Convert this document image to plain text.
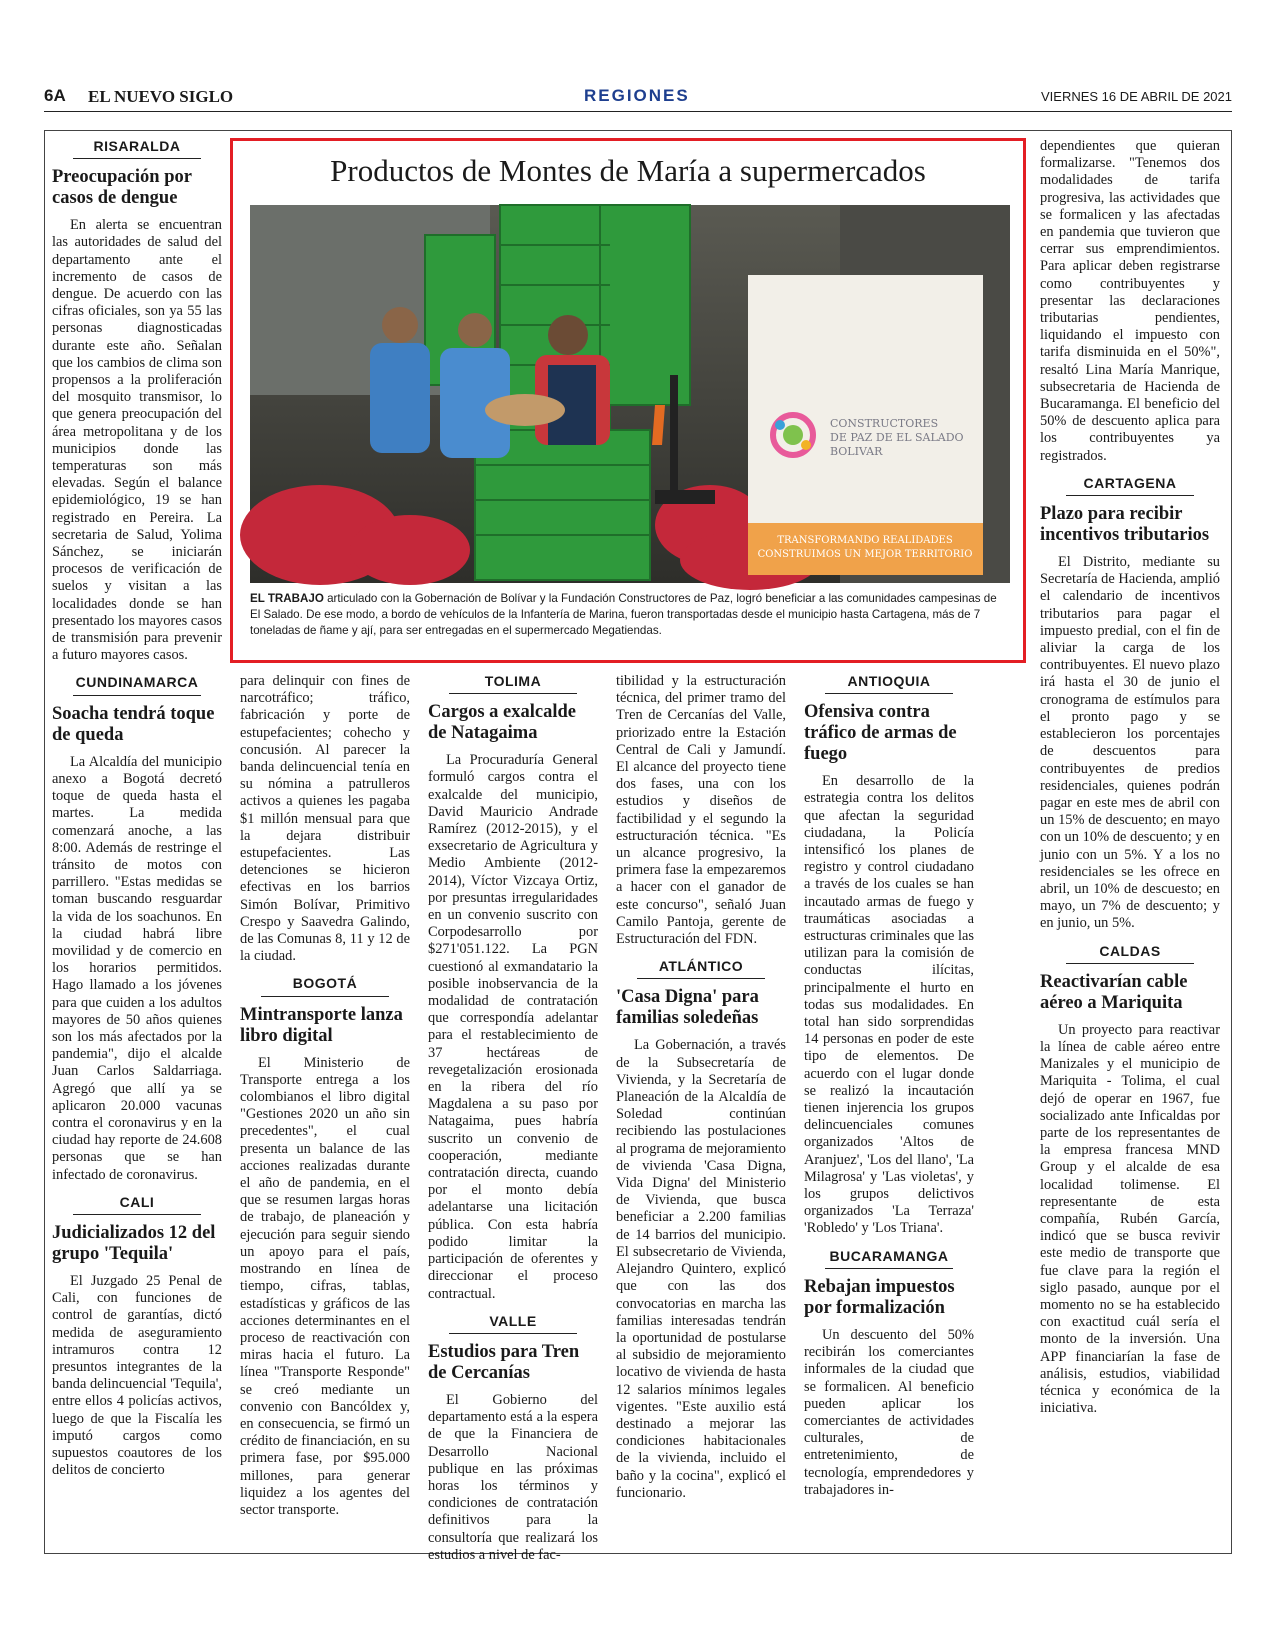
6A EL NUEVO SIGLO	REGIONES	VIERNES 16 DE ABRIL DE 2021
RISARALDA
Preocupación por casos de dengue

En alerta se encuentran las autoridades de salud del departamento ante el incremento de casos de dengue. De acuerdo con las cifras oficiales, son ya 55 las personas diagnosticadas durante este año. Señalan que los cambios de clima son propensos a la proliferación del mosquito transmisor, lo que genera preocupación del área metropolitana y de los municipios donde las temperaturas son más elevadas. Según el balance epidemiológico, 19 se han registrado en Pereira. La secretaria de Salud, Yolima Sánchez, se iniciarán procesos de verificación de suelos y visitan a las localidades donde se han presentado los mayores casos de transmisión para prevenir a futuro mayores casos.

CUNDINAMARCA
Soacha tendrá toque de queda

La Alcaldía del municipio anexo a Bogotá decretó toque de queda hasta el martes. La medida comenzará anoche, a las 8:00. Además de restringe el tránsito de motos con parrillero. "Estas medidas se toman buscando resguardar la vida de los soachunos. En la ciudad habrá libre movilidad y de comercio en los horarios permitidos. Hago llamado a los jóvenes para que cuiden a los adultos mayores de 50 años quienes son los más afectados por la pandemia", dijo el alcalde Juan Carlos Saldarriaga. Agregó que allí ya se aplicaron 20.000 vacunas contra el coronavirus y en la ciudad hay reporte de 24.608 personas que se han infectado de coronavirus.

CALI
Judicializados 12 del grupo 'Tequila'

El Juzgado 25 Penal de Cali, con funciones de control de garantías, dictó medida de aseguramiento intramuros contra 12 presuntos integrantes de la banda delincuencial 'Tequila', entre ellos 4 policías activos, luego de que la Fiscalía les imputó cargos como supuestos coautores de los delitos de concierto

Productos de Montes de María a supermercados
CONSTRUCTORES
DE PAZ DE EL SALADO
BOLIVAR
TRANSFORMANDO REALIDADES
CONSTRUIMOS UN MEJOR TERRITORIO
EL TRABAJO articulado con la Gobernación de Bolívar y la Fundación Constructores de Paz, logró beneficiar a las comunidades campesinas de El Salado. De ese modo, a bordo de vehículos de la Infantería de Marina, fueron transportadas desde el municipio hasta Cartagena, más de 7 toneladas de ñame y ají, para ser entregadas en el supermercado Megatiendas.

para delinquir con fines de narcotráfico; tráfico, fabricación y porte de estupefacientes; cohecho y concusión. Al parecer la banda delincuencial tenía en su nómina a patrulleros activos a quienes les pagaba $1 millón mensual para que la dejara distribuir estupefacientes. Las detenciones se hicieron efectivas en los barrios Simón Bolívar, Primitivo Crespo y Saavedra Galindo, de las Comunas 8, 11 y 12 de la ciudad.

BOGOTÁ
Mintransporte lanza libro digital

El Ministerio de Transporte entrega a los colombianos el libro digital "Gestiones 2020 un año sin precedentes", el cual presenta un balance de las acciones realizadas durante el año de pandemia, en el que se resumen largas horas de trabajo, de planeación y ejecución para seguir siendo un apoyo para el país, mostrando en línea de tiempo, cifras, tablas, estadísticas y gráficos de las acciones determinantes en el proceso de reactivación con miras hacia el futuro. La línea "Transporte Responde" se creó mediante un convenio con Bancóldex y, en consecuencia, se firmó un crédito de financiación, en su primera fase, por $95.000 millones, para generar liquidez a los agentes del sector transporte.

TOLIMA
Cargos a exalcalde de Natagaima

La Procuraduría General formuló cargos contra el exalcalde del municipio, David Mauricio Andrade Ramírez (2012-2015), y el exsecretario de Agricultura y Medio Ambiente (2012-2014), Víctor Vizcaya Ortiz, por presuntas irregularidades en un convenio suscrito con Corpodesarrollo por $271'051.122. La PGN cuestionó al exmandatario la posible inobservancia de la modalidad de contratación que correspondía adelantar para el restablecimiento de 37 hectáreas de revegetalización erosionada en la ribera del río Magdalena a su paso por Natagaima, pues habría suscrito un convenio de cooperación, mediante contratación directa, cuando por el monto debía adelantarse una licitación pública. Con esta habría podido limitar la participación de oferentes y direccionar el proceso contractual.

VALLE
Estudios para Tren de Cercanías

El Gobierno del departamento está a la espera de que la Financiera de Desarrollo Nacional publique en las próximas horas los términos y condiciones de contratación definitivos para la consultoría que realizará los estudios a nivel de fac-

tibilidad y la estructuración técnica, del primer tramo del Tren de Cercanías del Valle, priorizado entre la Estación Central de Cali y Jamundí. El alcance del proyecto tiene dos fases, una con los estudios y diseños de factibilidad y el segundo la estructuración técnica. "Es un alcance progresivo, la primera fase la empezaremos a hacer con el ganador de este concurso", señaló Juan Camilo Pantoja, gerente de Estructuración del FDN.

ATLÁNTICO
'Casa Digna' para familias soledeñas

La Gobernación, a través de la Subsecretaría de Vivienda, y la Secretaría de Planeación de la Alcaldía de Soledad continúan recibiendo las postulaciones al programa de mejoramiento de vivienda 'Casa Digna, Vida Digna' del Ministerio de Vivienda, que busca beneficiar a 2.200 familias de 14 barrios del municipio. El subsecretario de Vivienda, Alejandro Quintero, explicó que con las dos convocatorias en marcha las familias interesadas tendrán la oportunidad de postularse al subsidio de mejoramiento locativo de vivienda de hasta 12 salarios mínimos legales vigentes. "Este auxilio está destinado a mejorar las condiciones habitacionales de la vivienda, incluido el baño y la cocina", explicó el funcionario.

ANTIOQUIA
Ofensiva contra tráfico de armas de fuego

En desarrollo de la estrategia contra los delitos que afectan la seguridad ciudadana, la Policía intensificó los planes de registro y control ciudadano a través de los cuales se han incautado armas de fuego y traumáticas asociadas a estructuras criminales que las utilizan para la comisión de conductas ilícitas, principalmente el hurto en todas sus modalidades. En total han sido sorprendidas 14 personas en poder de este tipo de elementos. De acuerdo con el lugar donde se realizó la incautación tienen injerencia los grupos delincuenciales comunes organizados 'Altos de Aranjuez', 'Los del llano', 'La Milagrosa' y 'Las violetas', y los grupos delictivos organizados 'La Terraza' 'Robledo' y 'Los Triana'.

BUCARAMANGA
Rebajan impuestos por formalización

Un descuento del 50% recibirán los comerciantes informales de la ciudad que se formalicen. Al beneficio pueden aplicar los comerciantes de actividades culturales, de entretenimiento, de tecnología, emprendedores y trabajadores in-

dependientes que quieran formalizarse. "Tenemos dos modalidades de tarifa progresiva, las actividades que se formalicen y las afectadas en pandemia que tuvieron que cerrar sus emprendimientos. Para aplicar deben registrarse como contribuyentes y presentar las declaraciones tributarias pendientes, liquidando el impuesto con tarifa disminuida en el 50%", resaltó Lina María Manrique, subsecretaria de Hacienda de Bucaramanga. El beneficio del 50% de descuento aplica para los contribuyentes ya registrados.

CARTAGENA
Plazo para recibir incentivos tributarios

El Distrito, mediante su Secretaría de Hacienda, amplió el calendario de incentivos tributarios para pagar el impuesto predial, con el fin de aliviar la carga de los contribuyentes. El nuevo plazo irá hasta el 30 de junio el cronograma de estímulos para el pronto pago y se establecieron los porcentajes de descuentos para contribuyentes de predios residenciales, quienes podrán pagar en este mes de abril con un 15% de descuento; en mayo con un 10% de descuento; y en junio con un 5%. Y a los no residenciales se les ofrece en abril, un 10% de descuesto; en mayo, un 7% de descuento; y en junio, un 5%.

CALDAS
Reactivarían cable aéreo a Mariquita

Un proyecto para reactivar la línea de cable aéreo entre Manizales y el municipio de Mariquita - Tolima, el cual dejó de operar en 1967, fue socializado ante Inficaldas por parte de los representantes de la empresa francesa MND Group y el alcalde de esa localidad tolimense. El representante de esta compañía, Rubén García, indicó que se busca revivir este medio de transporte que fue clave para la región el siglo pasado, aunque por el momento no se ha establecido con exactitud cuál sería el monto de la inversión. Una APP financiarían la fase de análisis, estudios, viabilidad técnica y económica de la iniciativa.
